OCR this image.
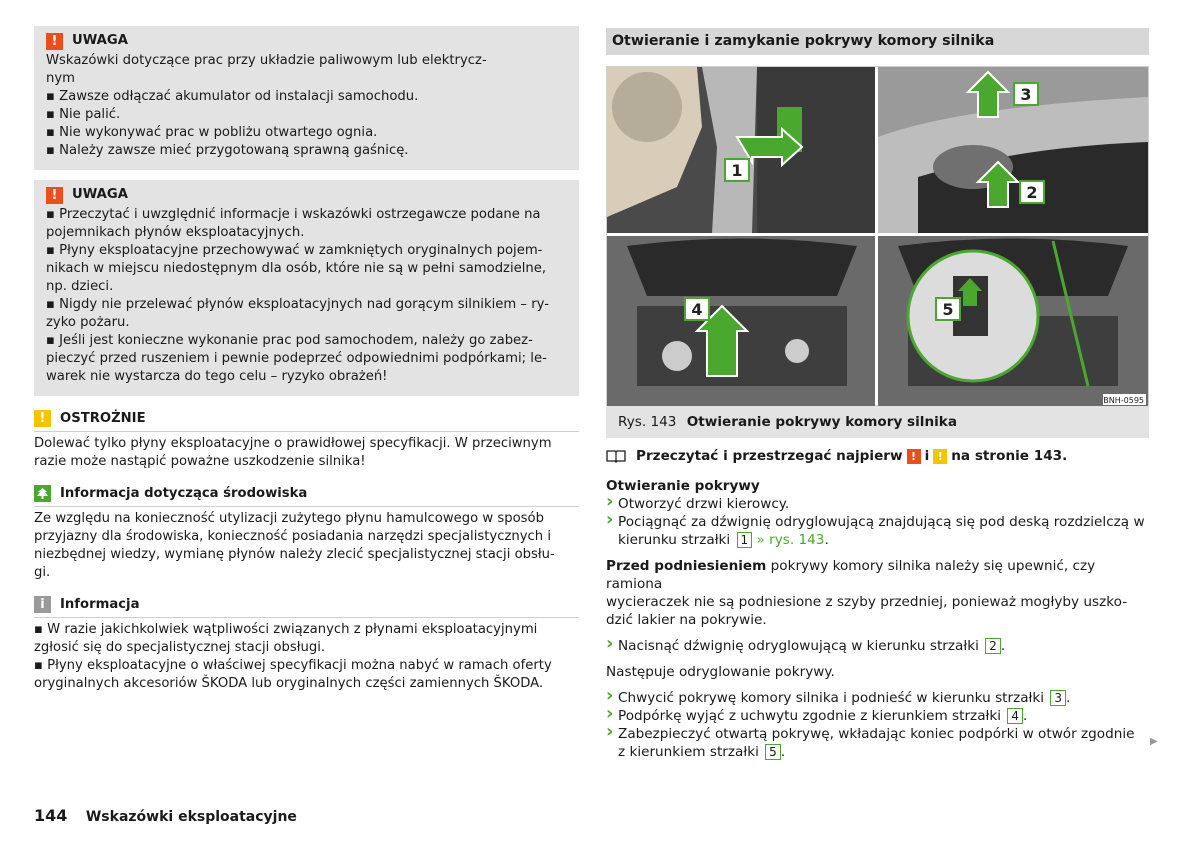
!	UWAGA

Wskazówki dotyczące prac przy układzie paliwowym lub elektrycz-

nym

▪ Zawsze odłączać akumulator od instalacji samochodu.

▪ Nie palić.

▪ Nie wykonywać prac w pobliżu otwartego ognia.

▪ Należy zawsze mieć przygotowaną sprawną gaśnicę.

!	UWAGA

▪ Przeczytać i uwzględnić informacje i wskazówki ostrzegawcze podane na

pojemnikach płynów eksploatacyjnych.

▪ Płyny eksploatacyjne przechowywać w zamkniętych oryginalnych pojem-

nikach w miejscu niedostępnym dla osób, które nie są w pełni samodzielne,

np. dzieci.

▪ Nigdy nie przelewać płynów eksploatacyjnych nad gorącym silnikiem – ry-

zyko pożaru.

▪ Jeśli jest konieczne wykonanie prac pod samochodem, należy go zabez-

pieczyć przed ruszeniem i pewnie podeprzeć odpowiednimi podpórkami; le-

warek nie wystarcza do tego celu – ryzyko obrażeń!

!	OSTROŻNIE

Dolewać tylko płyny eksploatacyjne o prawidłowej specyfikacji. W przeciwnym

razie może nastąpić poważne uszkodzenie silnika!

Informacja dotycząca środowiska

Ze względu na konieczność utylizacji zużytego płynu hamulcowego w sposób

przyjazny dla środowiska, konieczność posiadania narzędzi specjalistycznych i

niezbędnej wiedzy, wymianę płynów należy zlecić specjalistycznej stacji obsłu-

gi.

i	Informacja

▪ W razie jakichkolwiek wątpliwości związanych z płynami eksploatacyjnymi

zgłosić się do specjalistycznej stacji obsługi.

▪ Płyny eksploatacyjne o właściwej specyfikacji można nabyć w ramach oferty

oryginalnych akcesoriów ŠKODA lub oryginalnych części zamiennych ŠKODA.

144 Wskazówki eksploatacyjne
Otwieranie i zamykanie pokrywy komory silnika
1
2
3
4	5
BNH-0595
Rys. 143 Otwieranie pokrywy komory silnika
Przeczytać i przestrzegać najpierw ! i ! na stronie 143.
Otwieranie pokrywy
› Otworzyć drzwi kierowcy.
› Pociągnąć za dźwignię odryglowującą znajdującą się pod deską rozdzielczą w
kierunku strzałki 1 » rys. 143.
Przed podniesieniem pokrywy komory silnika należy się upewnić, czy ramiona
wycieraczek nie są podniesione z szyby przedniej, ponieważ mogłyby uszko-
dzić lakier na pokrywie.
› Nacisnąć dźwignię odryglowującą w kierunku strzałki 2 .
Następuje odryglowanie pokrywy.
› Chwycić pokrywę komory silnika i podnieść w kierunku strzałki 3 .
› Podpórkę wyjąć z uchwytu zgodnie z kierunkiem strzałki 4 .
› Zabezpieczyć otwartą pokrywę, wkładając koniec podpórki w otwór zgodnie
z kierunkiem strzałki 5 .
▶
